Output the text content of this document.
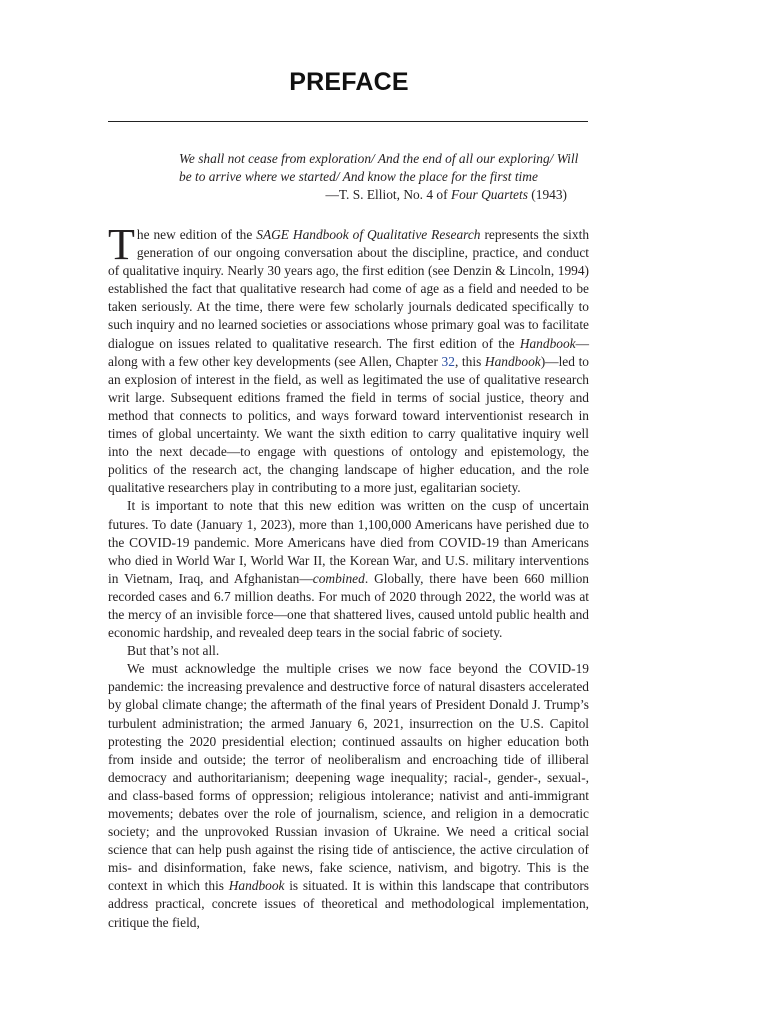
PREFACE
We shall not cease from exploration/ And the end of all our exploring/ Will be to arrive where we started/ And know the place for the first time
—T. S. Elliot, No. 4 of Four Quartets (1943)

The new edition of the SAGE Handbook of Qualitative Research represents the sixth generation of our ongoing conversation about the discipline, practice, and conduct of qualitative inquiry. Nearly 30 years ago, the first edition (see Denzin & Lincoln, 1994) established the fact that qualitative research had come of age as a field and needed to be taken seriously. At the time, there were few scholarly journals dedicated specifically to such inquiry and no learned societies or associations whose primary goal was to facilitate dialogue on issues related to qualitative research. The first edition of the Handbook—along with a few other key developments (see Allen, Chapter 32, this Handbook)—led to an explosion of interest in the field, as well as legitimated the use of qualitative research writ large. Subsequent editions framed the field in terms of social justice, theory and method that connects to politics, and ways forward toward interventionist research in times of global uncertainty. We want the sixth edition to carry qualitative inquiry well into the next decade—to engage with questions of ontology and epistemology, the politics of the research act, the changing landscape of higher education, and the role qualitative researchers play in contributing to a more just, egalitarian society.

It is important to note that this new edition was written on the cusp of uncertain futures. To date (January 1, 2023), more than 1,100,000 Americans have perished due to the COVID-19 pandemic. More Americans have died from COVID-19 than Americans who died in World War I, World War II, the Korean War, and U.S. military interventions in Vietnam, Iraq, and Afghanistan—combined. Globally, there have been 660 million recorded cases and 6.7 million deaths. For much of 2020 through 2022, the world was at the mercy of an invisible force—one that shattered lives, caused untold public health and economic hardship, and revealed deep tears in the social fabric of society.

But that’s not all.

We must acknowledge the multiple crises we now face beyond the COVID-19 pandemic: the increasing prevalence and destructive force of natural disasters accelerated by global climate change; the aftermath of the final years of President Donald J. Trump’s turbulent administration; the armed January 6, 2021, insurrection on the U.S. Capitol protesting the 2020 presidential election; continued assaults on higher education both from inside and outside; the terror of neoliberalism and encroaching tide of illiberal democracy and authoritarianism; deepening wage inequality; racial-, gender-, sexual-, and class-based forms of oppression; religious intolerance; nativist and anti-immigrant movements; debates over the role of journalism, science, and religion in a democratic society; and the unprovoked Russian invasion of Ukraine. We need a critical social science that can help push against the rising tide of antiscience, the active circulation of mis- and disinformation, fake news, fake science, nativism, and bigotry. This is the context in which this Handbook is situated. It is within this landscape that contributors address practical, concrete issues of theoretical and methodological implementation, critique the field,
